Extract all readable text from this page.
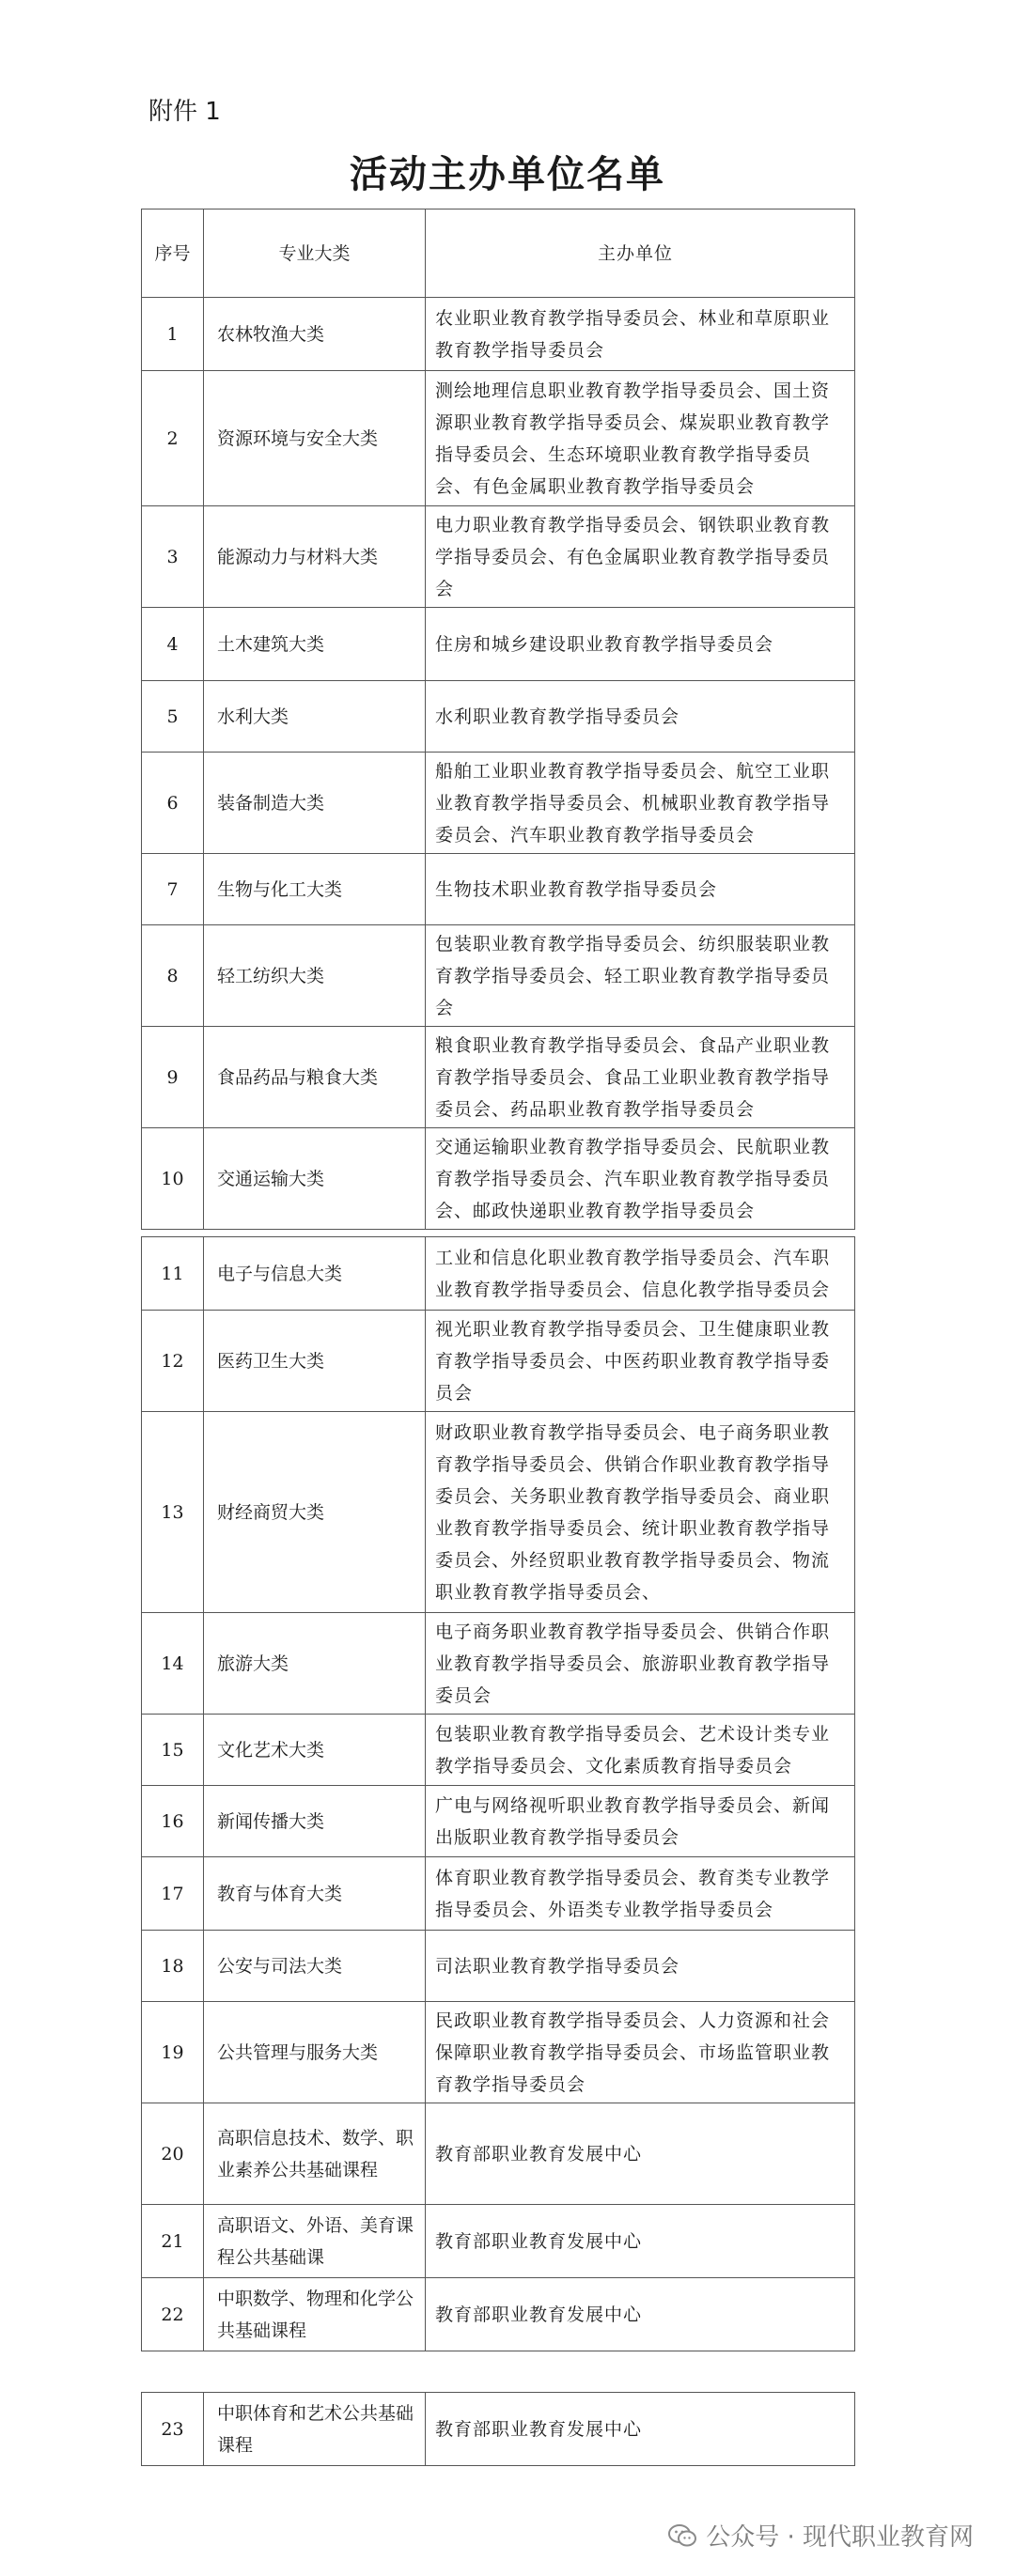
附件 1
活动主办单位名单
序号	专业大类	主办单位
1	农林牧渔大类	农业职业教育教学指导委员会、林业和草原职业教育教学指导委员会
2	资源环境与安全大类	测绘地理信息职业教育教学指导委员会、国土资源职业教育教学指导委员会、煤炭职业教育教学指导委员会、生态环境职业教育教学指导委员会、有色金属职业教育教学指导委员会
3	能源动力与材料大类	电力职业教育教学指导委员会、钢铁职业教育教学指导委员会、有色金属职业教育教学指导委员会
4	土木建筑大类	住房和城乡建设职业教育教学指导委员会
5	水利大类	水利职业教育教学指导委员会
6	装备制造大类	船舶工业职业教育教学指导委员会、航空工业职业教育教学指导委员会、机械职业教育教学指导委员会、汽车职业教育教学指导委员会
7	生物与化工大类	生物技术职业教育教学指导委员会
8	轻工纺织大类	包装职业教育教学指导委员会、纺织服装职业教育教学指导委员会、轻工职业教育教学指导委员会
9	食品药品与粮食大类	粮食职业教育教学指导委员会、食品产业职业教育教学指导委员会、食品工业职业教育教学指导委员会、药品职业教育教学指导委员会
10	交通运输大类	交通运输职业教育教学指导委员会、民航职业教育教学指导委员会、汽车职业教育教学指导委员会、邮政快递职业教育教学指导委员会
11	电子与信息大类	工业和信息化职业教育教学指导委员会、汽车职业教育教学指导委员会、信息化教学指导委员会
12	医药卫生大类	视光职业教育教学指导委员会、卫生健康职业教育教学指导委员会、中医药职业教育教学指导委员会
13	财经商贸大类	财政职业教育教学指导委员会、电子商务职业教育教学指导委员会、供销合作职业教育教学指导委员会、关务职业教育教学指导委员会、商业职业教育教学指导委员会、统计职业教育教学指导委员会、外经贸职业教育教学指导委员会、物流职业教育教学指导委员会、
14	旅游大类	电子商务职业教育教学指导委员会、供销合作职业教育教学指导委员会、旅游职业教育教学指导委员会
15	文化艺术大类	包装职业教育教学指导委员会、艺术设计类专业教学指导委员会、文化素质教育指导委员会
16	新闻传播大类	广电与网络视听职业教育教学指导委员会、新闻出版职业教育教学指导委员会
17	教育与体育大类	体育职业教育教学指导委员会、教育类专业教学指导委员会、外语类专业教学指导委员会
18	公安与司法大类	司法职业教育教学指导委员会
19	公共管理与服务大类	民政职业教育教学指导委员会、人力资源和社会保障职业教育教学指导委员会、市场监管职业教育教学指导委员会
20	高职信息技术、数学、职业素养公共基础课程	教育部职业教育发展中心
21	高职语文、外语、美育课程公共基础课	教育部职业教育发展中心
22	中职数学、物理和化学公共基础课程	教育部职业教育发展中心
23	中职体育和艺术公共基础课程	教育部职业教育发展中心
公众号 · 现代职业教育网
